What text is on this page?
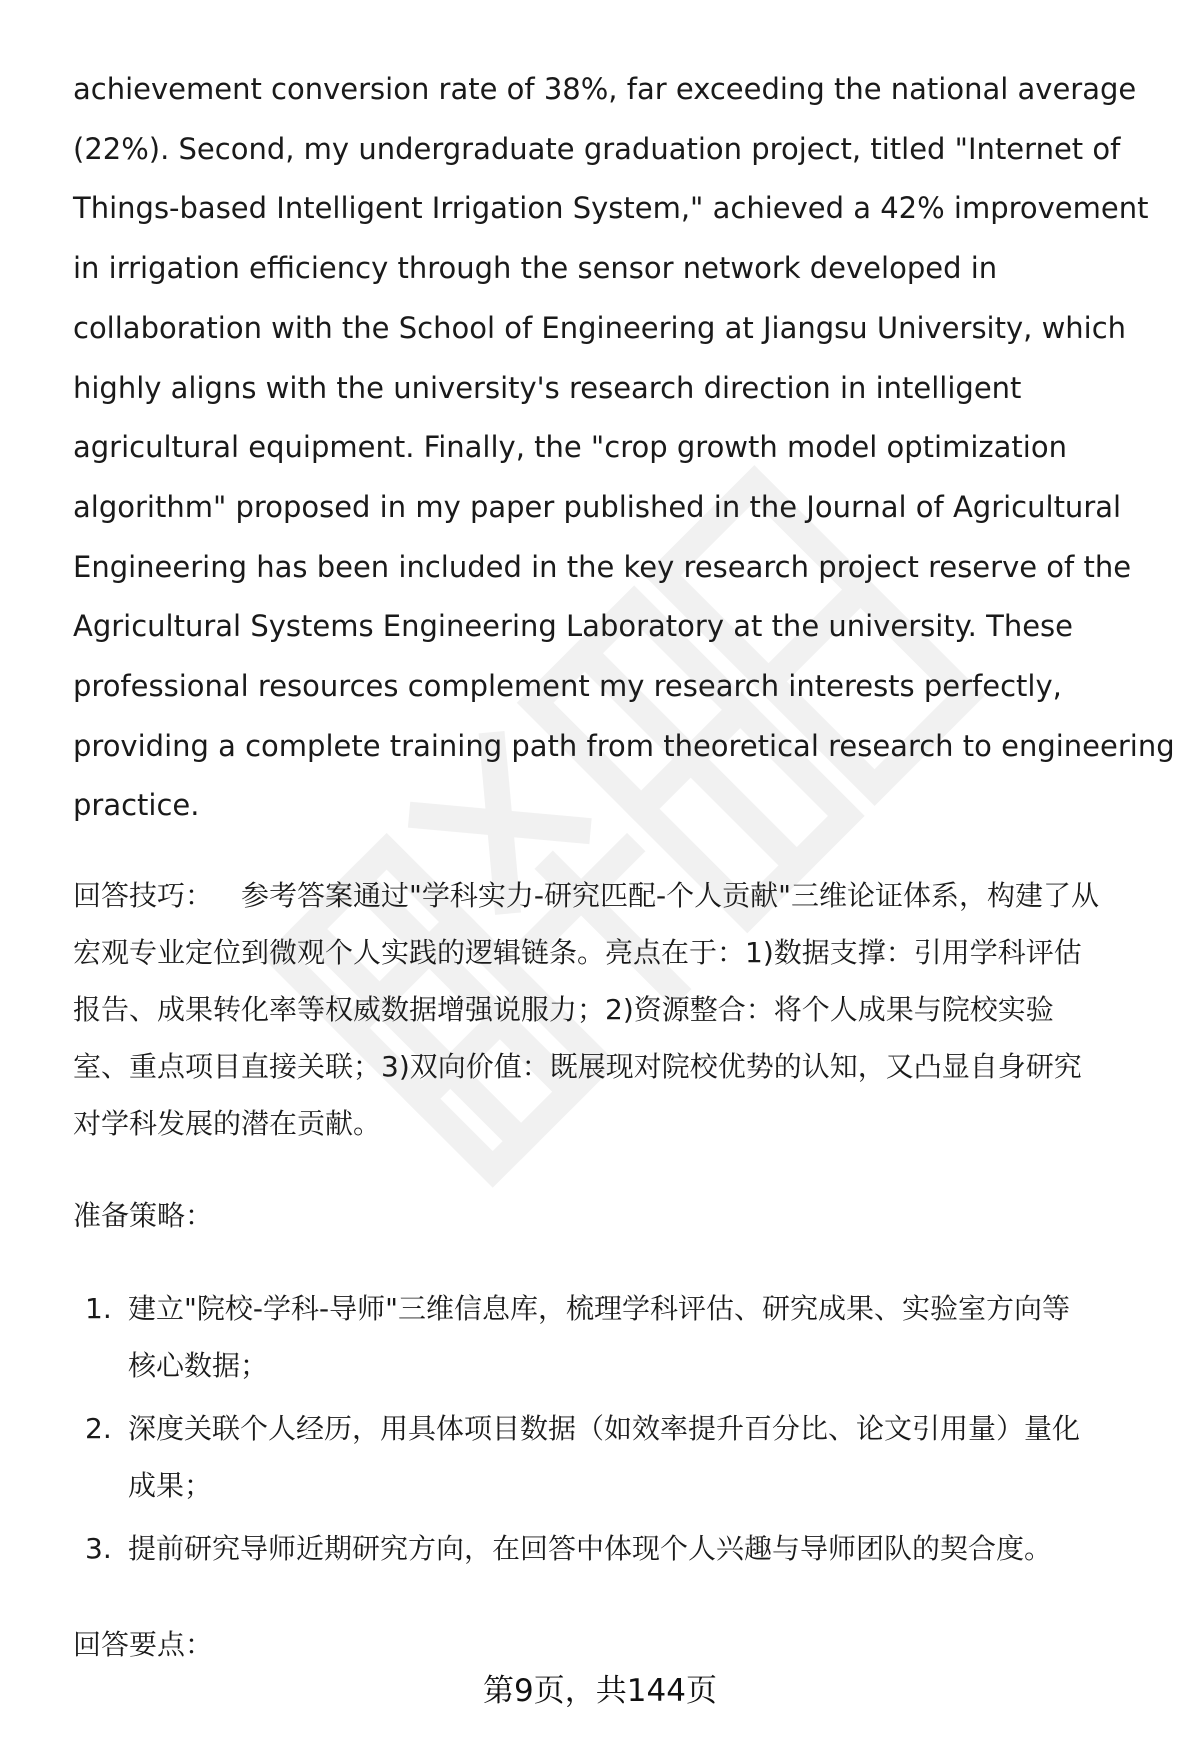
achievement conversion rate of 38%, far exceeding the national average
(22%). Second, my undergraduate graduation project, titled "Internet of
Things-based Intelligent Irrigation System," achieved a 42% improvement
in irrigation efficiency through the sensor network developed in
collaboration with the School of Engineering at Jiangsu University, which
highly aligns with the university's research direction in intelligent
agricultural equipment. Finally, the "crop growth model optimization
algorithm" proposed in my paper published in the Journal of Agricultural
Engineering has been included in the key research project reserve of the
Agricultural Systems Engineering Laboratory at the university. These
professional resources complement my research interests perfectly,
providing a complete training path from theoretical research to engineering
practice.

回答技巧： 参考答案通过"学科实力-研究匹配-个人贡献"三维论证体系，构建了从
宏观专业定位到微观个人实践的逻辑链条。亮点在于：1)数据支撑：引用学科评估
报告、成果转化率等权威数据增强说服力；2)资源整合：将个人成果与院校实验
室、重点项目直接关联；3)双向价值：既展现对院校优势的认知，又凸显自身研究
对学科发展的潜在贡献。

准备策略：

1. 建立"院校-学科-导师"三维信息库，梳理学科评估、研究成果、实验室方向等
核心数据；
2. 深度关联个人经历，用具体项目数据（如效率提升百分比、论文引用量）量化
成果；
3. 提前研究导师近期研究方向，在回答中体现个人兴趣与导师团队的契合度。

回答要点：

第9页，共144页
